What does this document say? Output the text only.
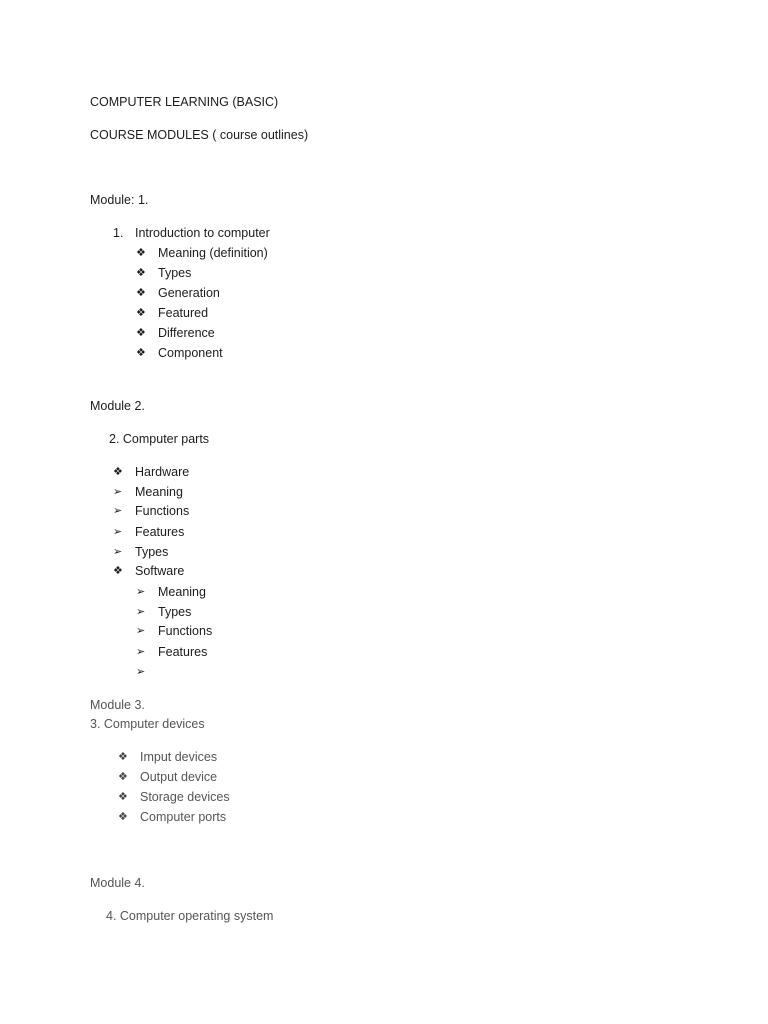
COMPUTER LEARNING (BASIC)
COURSE MODULES ( course outlines)
Module: 1.
1. Introduction to computer
❖ Meaning (definition)
❖ Types
❖ Generation
❖ Featured
❖ Difference
❖ Component
Module 2.
2. Computer parts
❖ Hardware
➢ Meaning
➢ Functions
➢ Features
➢ Types
❖ Software
➢ Meaning
➢ Types
➢ Functions
➢ Features
➢
Module 3.
3. Computer devices
❖ Imput devices
❖ Output device
❖ Storage devices
❖ Computer ports
Module 4.
4. Computer operating system
